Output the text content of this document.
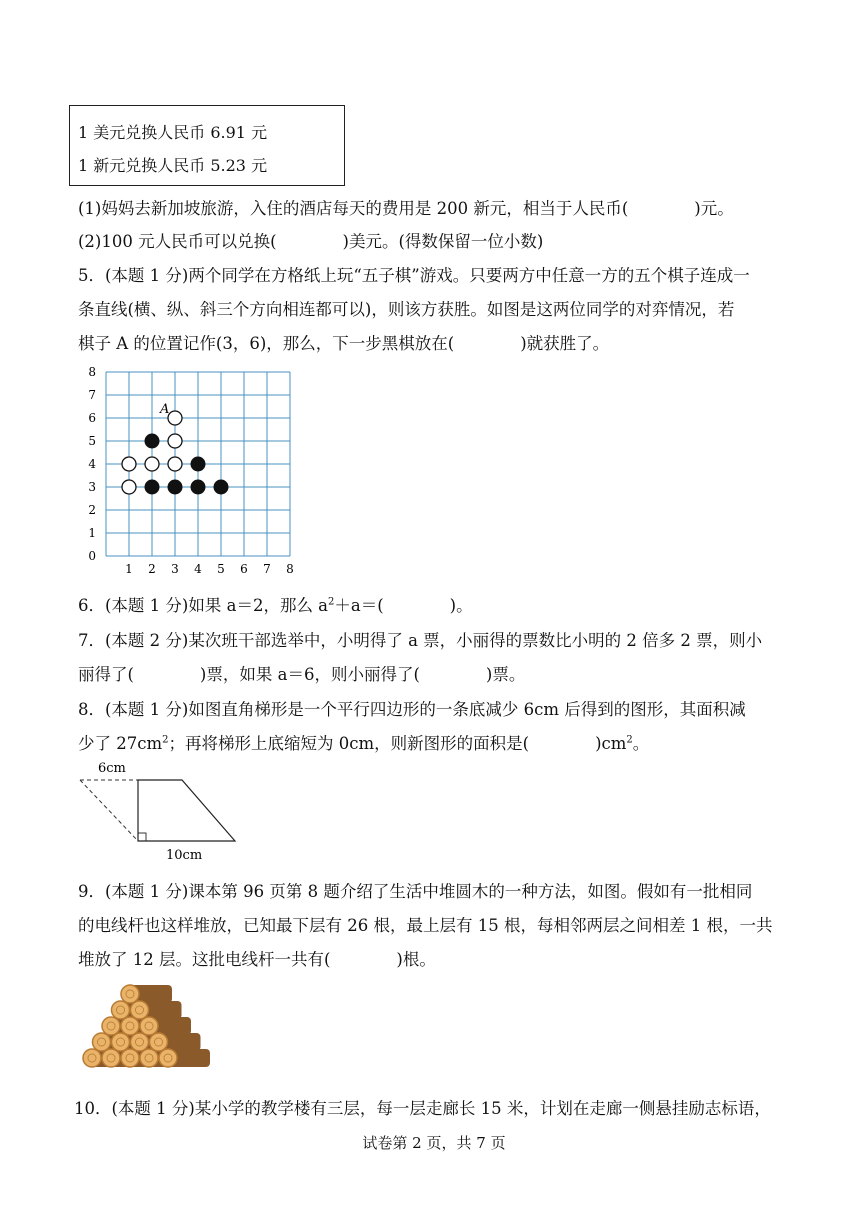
1 美元兑换人民币 6.91 元
1 新元兑换人民币 5.23 元
(1)妈妈去新加坡旅游，入住的酒店每天的费用是 200 新元，相当于人民币(　　　　)元。
(2)100 元人民币可以兑换(　　　　)美元。(得数保留一位小数)
5．(本题 1 分)两个同学在方格纸上玩“五子棋”游戏。只要两方中任意一方的五个棋子连成一
条直线(横、纵、斜三个方向相连都可以)，则该方获胜。如图是这两位同学的对弈情况，若
棋子 A 的位置记作(3，6)，那么，下一步黑棋放在(　　　　)就获胜了。
1 2 3 4 5 6 7 8
0
1
2
3
4
5
6
7
8
A
6．(本题 1 分)如果 a＝2，那么 $a^2+a=$(　　　　)。
7．(本题 2 分)某次班干部选举中，小明得了 a 票，小丽得的票数比小明的 2 倍多 2 票，则小
丽得了(　　　　)票，如果 a＝6，则小丽得了(　　　　)票。
8．(本题 1 分)如图直角梯形是一个平行四边形的一条底减少 6cm 后得到的图形，其面积减
少了 $27cm^2$；再将梯形上底缩短为 0cm，则新图形的面积是(　　　　)$cm^2$。
6cm
10cm
9．(本题 1 分)课本第 96 页第 8 题介绍了生活中堆圆木的一种方法，如图。假如有一批相同
的电线杆也这样堆放，已知最下层有 26 根，最上层有 15 根，每相邻两层之间相差 1 根，一共
堆放了 12 层。这批电线杆一共有(　　　　)根。
10．(本题 1 分)某小学的教学楼有三层，每一层走廊长 15 米，计划在走廊一侧悬挂励志标语，
试卷第 2 页，共 7 页
